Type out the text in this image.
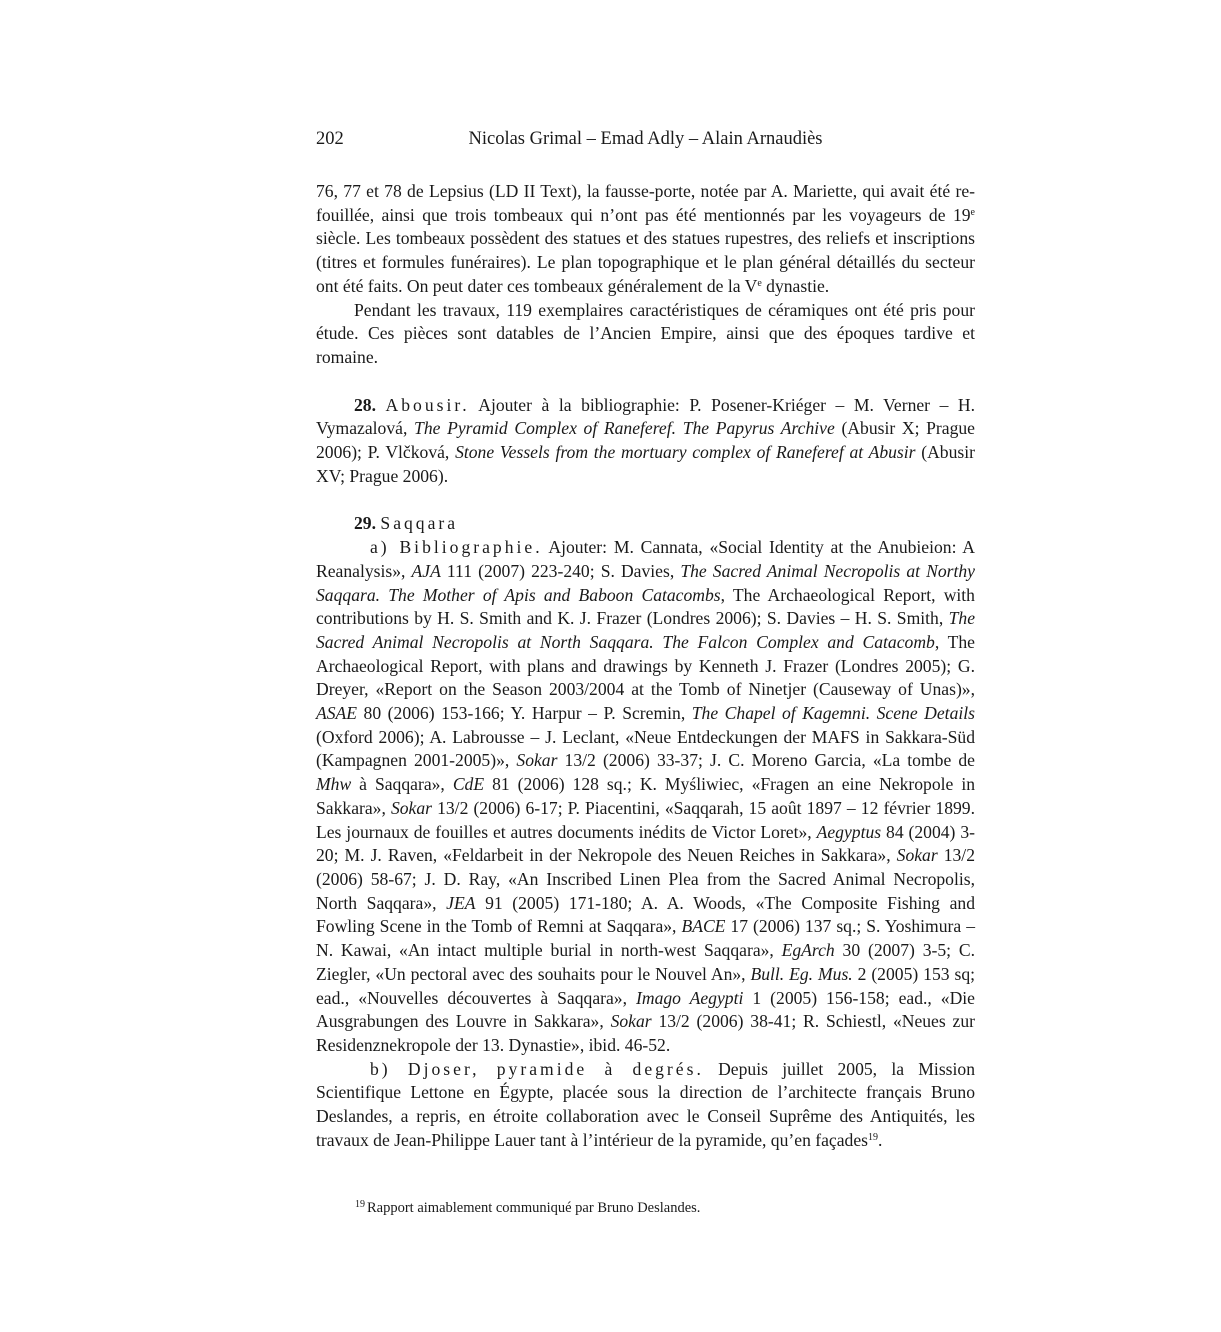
202	Nicolas Grimal – Emad Adly – Alain Arnaudiès

76, 77 et 78 de Lepsius (LD II Text), la fausse-porte, notée par A. Mariette, qui avait été re-fouillée, ainsi que trois tombeaux qui n’ont pas été mentionnés par les voyageurs de 19e siècle. Les tombeaux possèdent des statues et des statues rupestres, des reliefs et inscriptions (titres et formules funéraires). Le plan topographique et le plan général détaillés du secteur ont été faits. On peut dater ces tombeaux généralement de la Ve dynastie.

Pendant les travaux, 119 exemplaires caractéristiques de céramiques ont été pris pour étude. Ces pièces sont datables de l’Ancien Empire, ainsi que des époques tardive et romaine.

28. Abousir. Ajouter à la bibliographie: P. Posener-Kriéger – M. Verner – H. Vymazalová, The Pyramid Complex of Raneferef. The Papyrus Archive (Abusir X; Prague 2006); P. Vlčková, Stone Vessels from the mortuary complex of Raneferef at Abusir (Abusir XV; Prague 2006).

29. Saqqara

a) Bibliographie. Ajouter: M. Cannata, «Social Identity at the Anubieion: A Reanalysis», AJA 111 (2007) 223-240; S. Davies, The Sacred Animal Necropolis at Northy Saqqara. The Mother of Apis and Baboon Catacombs, The Archaeological Report, with contributions by H. S. Smith and K. J. Frazer (Londres 2006); S. Davies – H. S. Smith, The Sacred Animal Necropolis at North Saqqara. The Falcon Complex and Catacomb, The Archaeological Report, with plans and drawings by Kenneth J. Frazer (Londres 2005); G. Dreyer, «Report on the Season 2003/2004 at the Tomb of Ninetjer (Causeway of Unas)», ASAE 80 (2006) 153-166; Y. Harpur – P. Scremin, The Chapel of Kagemni. Scene Details (Oxford 2006); A. Labrousse – J. Leclant, «Neue Entdeckungen der MAFS in Sakkara-Süd (Kampagnen 2001-2005)», Sokar 13/2 (2006) 33-37; J. C. Moreno Garcia, «La tombe de Mhw à Saqqara», CdE 81 (2006) 128 sq.; K. Myśliwiec, «Fragen an eine Nekropole in Sakkara», Sokar 13/2 (2006) 6-17; P. Piacentini, «Saqqarah, 15 août 1897 – 12 février 1899. Les journaux de fouilles et autres documents inédits de Victor Loret», Aegyptus 84 (2004) 3-20; M. J. Raven, «Feldarbeit in der Nekropole des Neuen Reiches in Sakkara», Sokar 13/2 (2006) 58-67; J. D. Ray, «An Inscribed Linen Plea from the Sacred Animal Necropolis, North Saqqara», JEA 91 (2005) 171-180; A. A. Woods, «The Composite Fishing and Fowling Scene in the Tomb of Remni at Saqqara», BACE 17 (2006) 137 sq.; S. Yoshimura – N. Kawai, «An intact multiple burial in north-west Saqqara», EgArch 30 (2007) 3-5; C. Ziegler, «Un pectoral avec des souhaits pour le Nouvel An», Bull. Eg. Mus. 2 (2005) 153 sq; ead., «Nouvelles découvertes à Saqqara», Imago Aegypti 1 (2005) 156-158; ead., «Die Ausgrabungen des Louvre in Sakkara», Sokar 13/2 (2006) 38-41; R. Schiestl, «Neues zur Residenznekropole der 13. Dynastie», ibid. 46-52.

b) Djoser, pyramide à degrés. Depuis juillet 2005, la Mission Scientifique Lettone en Égypte, placée sous la direction de l’architecte français Bruno Deslandes, a repris, en étroite collaboration avec le Conseil Suprême des Antiquités, les travaux de Jean-Philippe Lauer tant à l’intérieur de la pyramide, qu’en façades$^{19}$.

$^{19}$ Rapport aimablement communiqué par Bruno Deslandes.
